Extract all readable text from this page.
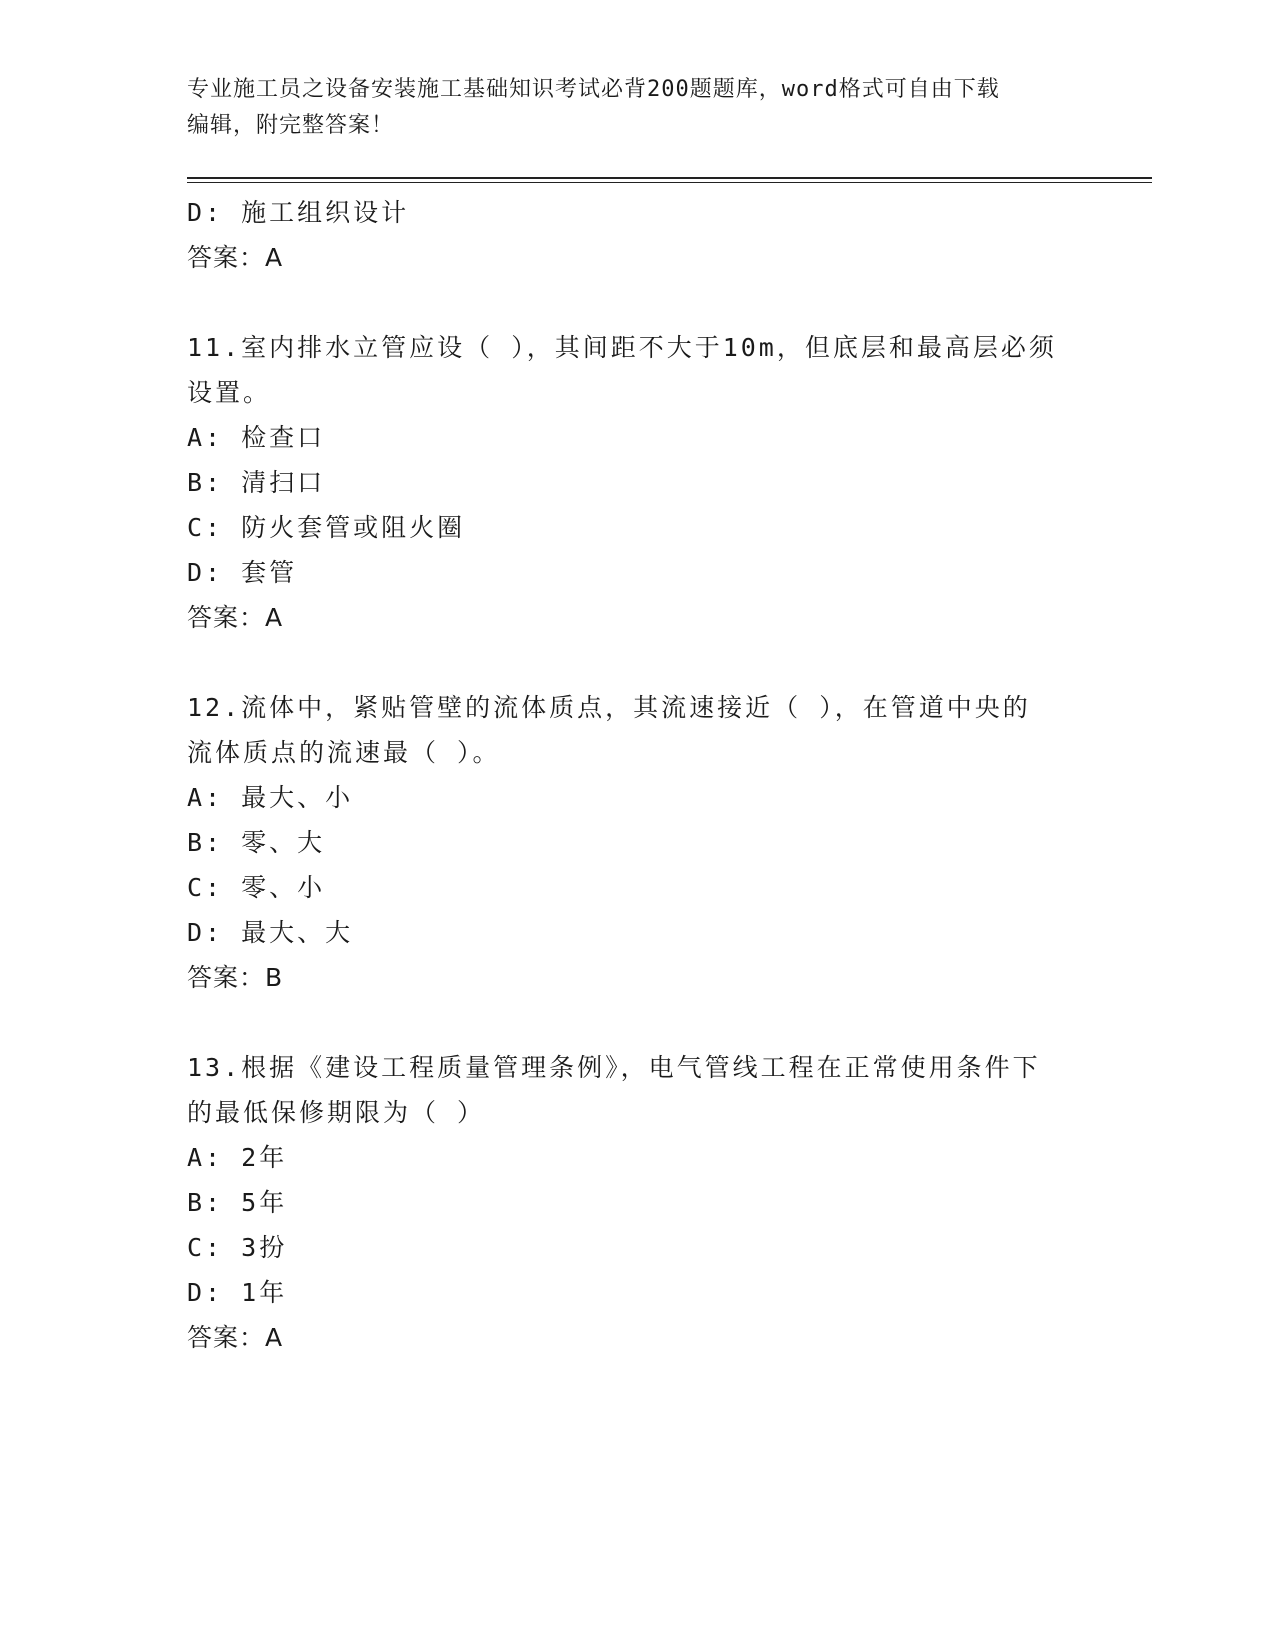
专业施工员之设备安装施工基础知识考试必背200题题库，word格式可自由下载
编辑，附完整答案！
D: 施工组织设计
答案：A
11.室内排水立管应设（ ），其间距不大于10m，但底层和最高层必须
设置。
A: 检查口
B: 清扫口
C: 防火套管或阻火圈
D: 套管
答案：A
12.流体中，紧贴管壁的流体质点，其流速接近（ ），在管道中央的
流体质点的流速最（ ）。
A: 最大、小
B: 零、大
C: 零、小
D: 最大、大
答案：B
13.根据《建设工程质量管理条例》，电气管线工程在正常使用条件下
的最低保修期限为（ ）
A: 2年
B: 5年
C: 3扮
D: 1年
答案：A
